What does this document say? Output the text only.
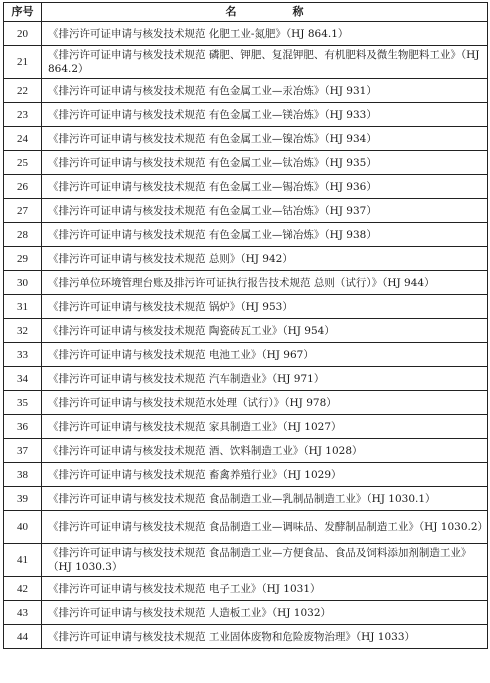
序号	名 称
20	《排污许可证申请与核发技术规范 化肥工业-氮肥》（HJ 864.1）
21	《排污许可证申请与核发技术规范 磷肥、钾肥、复混钾肥、有机肥料及微生物肥料工业》（HJ 864.2）
22	《排污许可证申请与核发技术规范 有色金属工业—汞冶炼》（HJ 931）
23	《排污许可证申请与核发技术规范 有色金属工业—镁冶炼》（HJ 933）
24	《排污许可证申请与核发技术规范 有色金属工业—镍冶炼》（HJ 934）
25	《排污许可证申请与核发技术规范 有色金属工业—钛冶炼》（HJ 935）
26	《排污许可证申请与核发技术规范 有色金属工业—锡冶炼》（HJ 936）
27	《排污许可证申请与核发技术规范 有色金属工业—钴冶炼》（HJ 937）
28	《排污许可证申请与核发技术规范 有色金属工业—锑冶炼》（HJ 938）
29	《排污许可证申请与核发技术规范 总则》（HJ 942）
30	《排污单位环境管理台账及排污许可证执行报告技术规范 总则（试行）》（HJ 944）
31	《排污许可证申请与核发技术规范 锅炉》（HJ 953）
32	《排污许可证申请与核发技术规范 陶瓷砖瓦工业》（HJ 954）
33	《排污许可证申请与核发技术规范 电池工业》（HJ 967）
34	《排污许可证申请与核发技术规范 汽车制造业》（HJ 971）
35	《排污许可证申请与核发技术规范水处理（试行）》（HJ 978）
36	《排污许可证申请与核发技术规范 家具制造工业》（HJ 1027）
37	《排污许可证申请与核发技术规范 酒、饮料制造工业》（HJ 1028）
38	《排污许可证申请与核发技术规范 畜禽养殖行业》（HJ 1029）
39	《排污许可证申请与核发技术规范 食品制造工业—乳制品制造工业》（HJ 1030.1）
40	《排污许可证申请与核发技术规范 食品制造工业—调味品、发酵制品制造工业》（HJ 1030.2）
41	《排污许可证申请与核发技术规范 食品制造工业—方便食品、食品及饲料添加剂制造工业》（HJ 1030.3）
42	《排污许可证申请与核发技术规范 电子工业》（HJ 1031）
43	《排污许可证申请与核发技术规范 人造板工业》（HJ 1032）
44	《排污许可证申请与核发技术规范 工业固体废物和危险废物治理》（HJ 1033）
